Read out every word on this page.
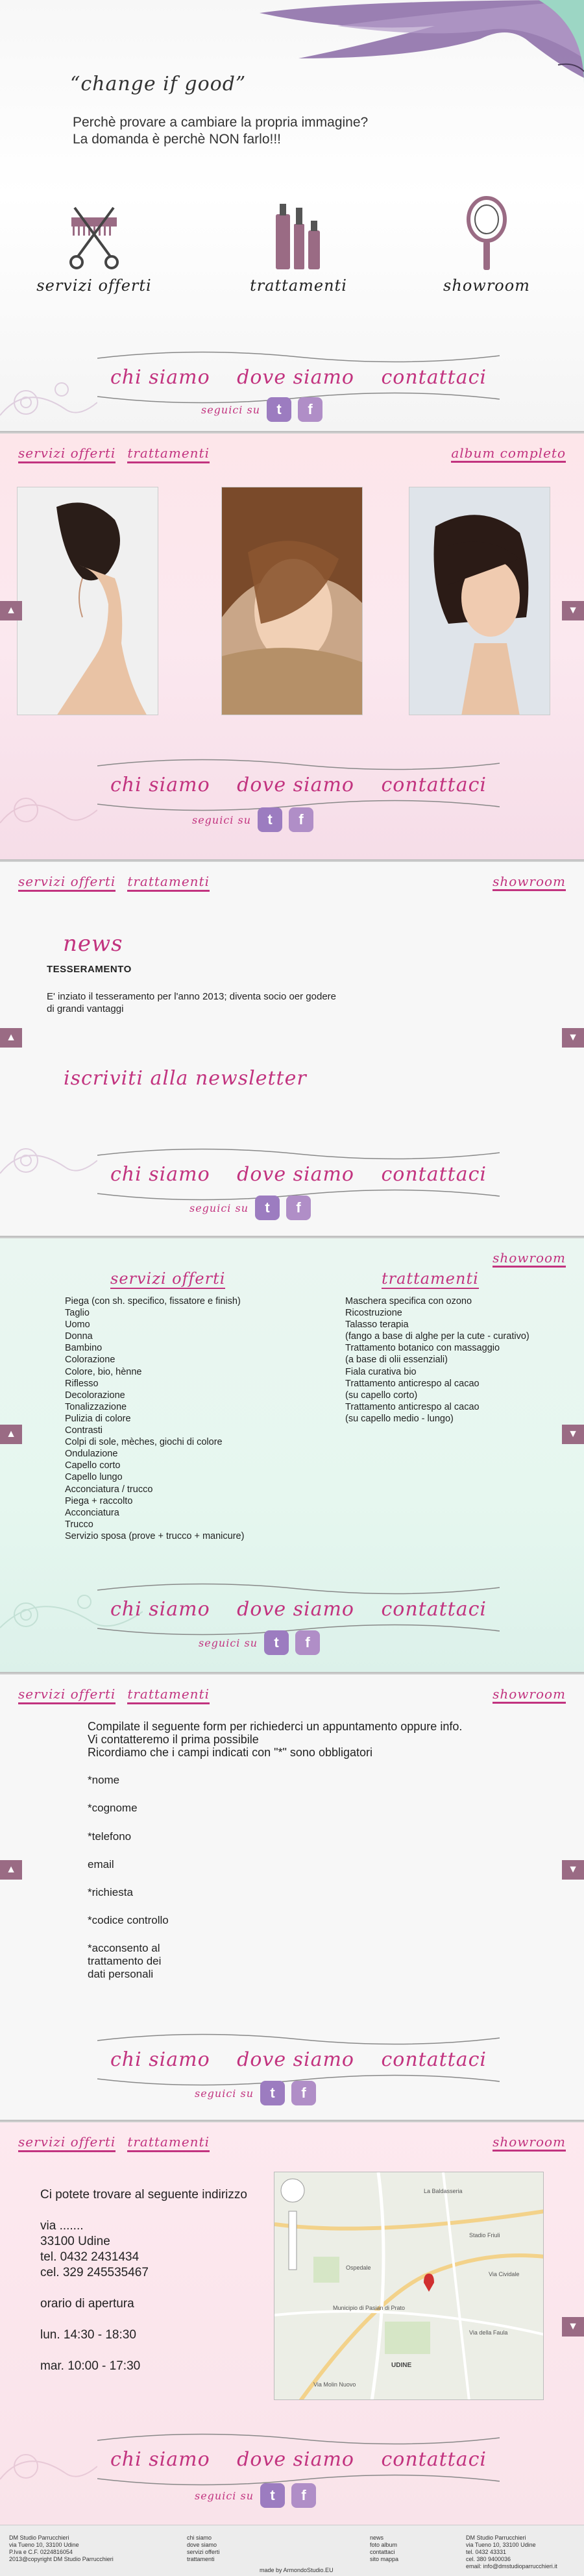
“change if good”
Perchè provare a cambiare la propria immagine?
La domanda è perchè NON farlo!!!
servizi offerti	trattamenti	showroom
chi siamo dove siamo contattaci
seguici su	t	f
servizi offerti trattamenti	album completo
▲	▼
chi siamo dove siamo contattaci
seguici su	t	f
servizi offerti trattamenti	showroom
news
TESSERAMENTO
E' inziato il tesseramento per l'anno 2013; diventa socio oer godere di grandi vantaggi
iscriviti alla newsletter
▲	▼
chi siamo dove siamo contattaci
seguici su	t	f
showroom
servizi offerti	trattamenti
Piega (con sh. specifico, fissatore e finish)
Taglio
Uomo
Donna
Bambino
Colorazione
Colore, bio, hènne
Riflesso
Decolorazione
Tonalizzazione
Pulizia di colore
Contrasti
Colpi di sole, mèches, giochi di colore
Ondulazione
Capello corto
Capello lungo
Acconciatura / trucco
Piega + raccolto
Acconciatura
Trucco
Servizio sposa (prove + trucco + manicure)
Maschera specifica con ozono
Ricostruzione
Talasso terapia
(fango a base di alghe per la cute - curativo)
Trattamento botanico con massaggio
(a base di olii essenziali)
Fiala curativa bio
Trattamento anticrespo al cacao
(su capello corto)
Trattamento anticrespo al cacao
(su capello medio - lungo)
▲	▼
chi siamo dove siamo contattaci
seguici su	t	f
servizi offerti trattamenti	showroom
Compilate il seguente form per richiederci un appuntamento oppure info.
Vi contatteremo il prima possibile
Ricordiamo che i campi indicati con "*" sono obbligatori
*nome
*cognome
*telefono
email
*richiesta
*codice controllo
*acconsento al
trattamento dei
dati personali
▲	▼
chi siamo dove siamo contattaci
seguici su	t	f
servizi offerti trattamenti	showroom
Ci potete trovare al seguente indirizzo
via .......
33100 Udine
tel. 0432 2431434
cel. 329 245535467
orario di apertura
lun. 14:30 - 18:30
mar. 10:00 - 17:30
La Baldasseria
Stadio Friuli
Ospedale
Municipio di Pasian di Prato
UDINE
Via Cividale
Via della Faula
Via Molin Nuovo
▼
chi siamo dove siamo contattaci
seguici su	t	f
DM Studio Parrucchieri
via Tueno 10, 33100 Udine
P.Iva e C.F. 0224816054
2013@copyright DM Studio Parrucchieri
chi siamo
dove siamo
servizi offerti
trattamenti
news
foto album
contattaci
sito mappa
DM Studio Parrucchieri
via Tueno 10, 33100 Udine
tel. 0432 43331
cel. 380 9400036
email: info@dmstudioparrucchieri.it
made by ArmondoStudio.EU
